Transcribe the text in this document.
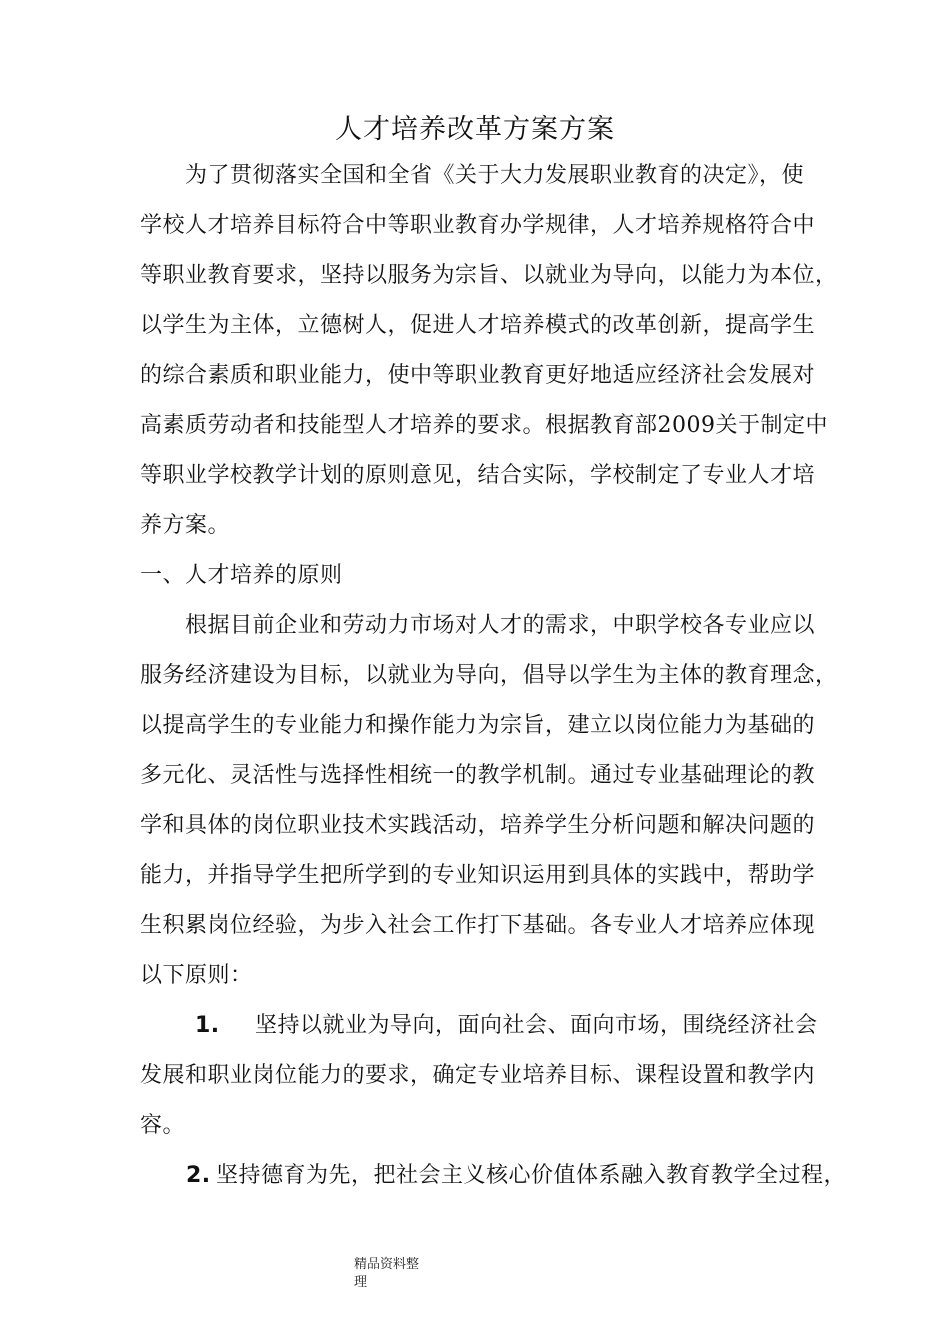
人才培养改革方案方案
为了贯彻落实全国和全省《关于大力发展职业教育的决定》，使
学校人才培养目标符合中等职业教育办学规律，人才培养规格符合中
等职业教育要求，坚持以服务为宗旨、以就业为导向，以能力为本位，
以学生为主体，立德树人，促进人才培养模式的改革创新，提高学生
的综合素质和职业能力，使中等职业教育更好地适应经济社会发展对
高素质劳动者和技能型人才培养的要求。根据教育部2009关于制定中
等职业学校教学计划的原则意见，结合实际，学校制定了专业人才培
养方案。
一、人才培养的原则
根据目前企业和劳动力市场对人才的需求，中职学校各专业应以
服务经济建设为目标，以就业为导向，倡导以学生为主体的教育理念，
以提高学生的专业能力和操作能力为宗旨，建立以岗位能力为基础的
多元化、灵活性与选择性相统一的教学机制。通过专业基础理论的教
学和具体的岗位职业技术实践活动，培养学生分析问题和解决问题的
能力，并指导学生把所学到的专业知识运用到具体的实践中，帮助学
生积累岗位经验，为步入社会工作打下基础。各专业人才培养应体现
以下原则：
1.	坚持以就业为导向，面向社会、面向市场，围绕经济社会
发展和职业岗位能力的要求，确定专业培养目标、课程设置和教学内
容。
2. 坚持德育为先，把社会主义核心价值体系融入教育教学全过程，
精品资料整
理
